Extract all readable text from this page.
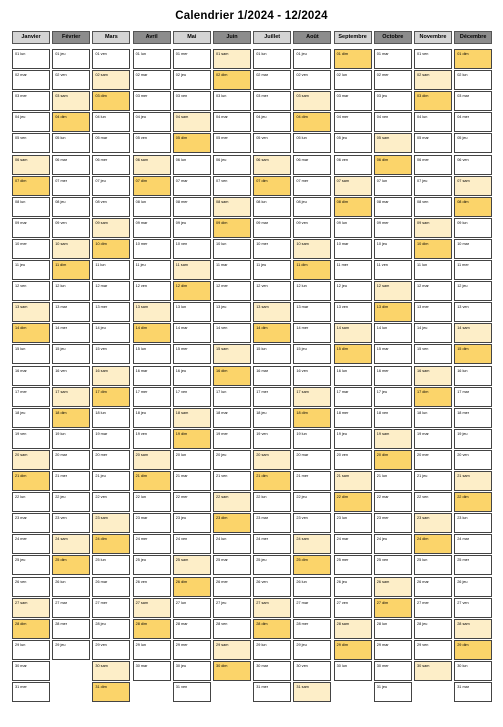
Calendrier 1/2024 - 12/2024
Janvier
01 lun
02 mar
03 mer
04 jeu
05 ven
06 sam
07 dim
08 lun
09 mar
10 mer
11 jeu
12 ven
13 sam
14 dim
15 lun
16 mar
17 mer
18 jeu
19 ven
20 sam
21 dim
22 lun
23 mar
24 mer
25 jeu
26 ven
27 sam
28 dim
29 lun
30 mar
31 mer
Février
01 jeu
02 ven
03 sam
04 dim
05 lun
06 mar
07 mer
08 jeu
09 ven
10 sam
11 dim
12 lun
13 mar
14 mer
15 jeu
16 ven
17 sam
18 dim
19 lun
20 mar
21 mer
22 jeu
23 ven
24 sam
25 dim
26 lun
27 mar
28 mer
29 jeu
Mars
01 ven
02 sam
03 dim
04 lun
05 mar
06 mer
07 jeu
08 ven
09 sam
10 dim
11 lun
12 mar
13 mer
14 jeu
15 ven
16 sam
17 dim
18 lun
19 mar
20 mer
21 jeu
22 ven
23 sam
24 dim
25 lun
26 mar
27 mer
28 jeu
29 ven
30 sam
31 dim
Avril
01 lun
02 mar
03 mer
04 jeu
05 ven
06 sam
07 dim
08 lun
09 mar
10 mer
11 jeu
12 ven
13 sam
14 dim
15 lun
16 mar
17 mer
18 jeu
19 ven
20 sam
21 dim
22 lun
23 mar
24 mer
25 jeu
26 ven
27 sam
28 dim
29 lun
30 mar
Mai
01 mer
02 jeu
03 ven
04 sam
05 dim
06 lun
07 mar
08 mer
09 jeu
10 ven
11 sam
12 dim
13 lun
14 mar
15 mer
16 jeu
17 ven
18 sam
19 dim
20 lun
21 mar
22 mer
23 jeu
24 ven
25 sam
26 dim
27 lun
28 mar
29 mer
30 jeu
31 ven
Juin
01 sam
02 dim
03 lun
04 mar
05 mer
06 jeu
07 ven
08 sam
09 dim
10 lun
11 mar
12 mer
13 jeu
14 ven
15 sam
16 dim
17 lun
18 mar
19 mer
20 jeu
21 ven
22 sam
23 dim
24 lun
25 mar
26 mer
27 jeu
28 ven
29 sam
30 dim
Juillet
01 lun
02 mar
03 mer
04 jeu
05 ven
06 sam
07 dim
08 lun
09 mar
10 mer
11 jeu
12 ven
13 sam
14 dim
15 lun
16 mar
17 mer
18 jeu
19 ven
20 sam
21 dim
22 lun
23 mar
24 mer
25 jeu
26 ven
27 sam
28 dim
29 lun
30 mar
31 mer
Août
01 jeu
02 ven
03 sam
04 dim
05 lun
06 mar
07 mer
08 jeu
09 ven
10 sam
11 dim
12 lun
13 mar
14 mer
15 jeu
16 ven
17 sam
18 dim
19 lun
20 mar
21 mer
22 jeu
23 ven
24 sam
25 dim
26 lun
27 mar
28 mer
29 jeu
30 ven
31 sam
Septembre
01 dim
02 lun
03 mar
04 mer
05 jeu
06 ven
07 sam
08 dim
09 lun
10 mar
11 mer
12 jeu
13 ven
14 sam
15 dim
16 lun
17 mar
18 mer
19 jeu
20 ven
21 sam
22 dim
23 lun
24 mar
25 mer
26 jeu
27 ven
28 sam
29 dim
30 lun
Octobre
01 mar
02 mer
03 jeu
04 ven
05 sam
06 dim
07 lun
08 mar
09 mer
10 jeu
11 ven
12 sam
13 dim
14 lun
15 mar
16 mer
17 jeu
18 ven
19 sam
20 dim
21 lun
22 mar
23 mer
24 jeu
25 ven
26 sam
27 dim
28 lun
29 mar
30 mer
31 jeu
Novembre
01 ven
02 sam
03 dim
04 lun
05 mar
06 mer
07 jeu
08 ven
09 sam
10 dim
11 lun
12 mar
13 mer
14 jeu
15 ven
16 sam
17 dim
18 lun
19 mar
20 mer
21 jeu
22 ven
23 sam
24 dim
25 lun
26 mar
27 mer
28 jeu
29 ven
30 sam
Décembre
01 dim
02 lun
03 mar
04 mer
05 jeu
06 ven
07 sam
08 dim
09 lun
10 mar
11 mer
12 jeu
13 ven
14 sam
15 dim
16 lun
17 mar
18 mer
19 jeu
20 ven
21 sam
22 dim
23 lun
24 mar
25 mer
26 jeu
27 ven
28 sam
29 dim
30 lun
31 mar
